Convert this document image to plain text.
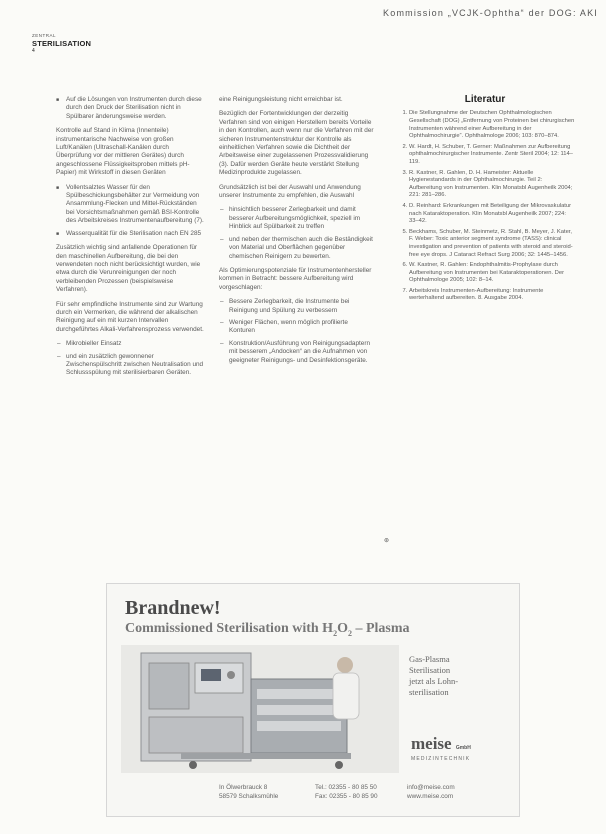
Kommission „VCJK-Ophtha“ der DOG: AKI
ZENTRAL
STERILISATION
4
■ Auf die Lösungen von Instrumenten durch diese durch den Druck der Sterilisation nicht in Spülbarer änderungsweise werden.

Kontrolle auf Stand in Klima (Innenteile) instrumentarische Nachweise von großen Luft/Kanälen (Ultraschall-Kanälen durch Überprüfung vor der mittleren Gerätes) durch angeschlossene Flüssigkeitsproben mittels pH-Papier) mit Wirkstoff in diesen Geräten

■ Vollentsalztes Wasser für den Spülbeschickungsbehälter zur Vermeidung von Ansammlung-Flecken und Mittel-Rückständen bei Vorsichtsmaßnahmen gemäß BSI-Kontrolle des Arbeitskreises Instrumentenaufbereitung (7).
■ Wasserqualität für die Sterilisation nach EN 285

Zusätzlich wichtig sind anfallende Operationen für den maschinellen Aufbereitung, die bei den verwendeten noch nicht berücksichtigt wurden, wie etwa durch die Verunreinigungen der noch verbleibenden Prozessen (beispielsweise Verfahren).

Für sehr empfindliche Instrumente sind zur Wartung durch ein Vermerken, die während der alkalischen Reinigung auf ein mit kurzen Intervallen durchgeführtes Alkali-Verfahrensprozess verwendet.

– Mikrobieller Einsatz
– und ein zusätzlich gewonnener Zwischenspülschritt zwischen Neutralisation und Schlussspülung mit sterilisierbaren Geräten.

eine Reinigungsleistung nicht erreichbar ist.

Bezüglich der Fortentwicklungen der derzeitig Verfahren sind von einigen Herstellern bereits Vorteile in den Kontrollen, auch wenn nur die Verfahren mit der sicheren Instrumentenstruktur der Kontrolle als einheitlichen Verfahren sowie die Dichtheit der Arbeitsweise einer zugelassenen Prozessvalidierung (3). Dafür werden Geräte heute verstärkt Stellung Medizinprodukte zugelassen.

Grundsätzlich ist bei der Auswahl und Anwendung unserer Instrumente zu empfehlen, die Auswahl

– hinsichtlich besserer Zerlegbarkeit und damit besserer Aufbereitungsmöglichkeit, speziell im Hinblick auf Spülbarkeit zu treffen
– und neben der thermischen auch die Beständigkeit von Material und Oberflächen gegenüber chemischen Reinigern zu bewerten.

Als Optimierungspotenziale für Instrumentenhersteller kommen in Betracht: bessere Aufbereitung wird vorgeschlagen:

– Bessere Zerlegbarkeit, die Instrumente bei Reinigung und Spülung zu verbessern
– Weniger Flächen, wenn möglich profilierte Konturen
– Konstruktion/Ausführung von Reinigungsadaptern mit besserem „Andocken“ an die Aufnahmen von geeigneter Reinigungs- und Desinfektionsgeräte.
Literatur
1. Die Stellungnahme der Deutschen Ophthalmologischen Gesellschaft (DOG) „Entfernung von Proteinen bei chirurgischen Instrumenten während einer Aufbereitung in der Ophthalmochirurgie“. Ophthalmologe 2006; 103: 870–874.
2. W. Hardt, H. Schuber, T. Gerner: Maßnahmen zur Aufbereitung ophthalmochirurgischer Instrumente. Zentr Steril 2004; 12: 114–119.
3. R. Kastner, R. Gahlen, D. H. Hameister: Aktuelle Hygienestandards in der Ophthalmochirurgie. Teil 2: Aufbereitung von Instrumenten. Klin Monatsbl Augenheilk 2004; 221: 281–286.
4. D. Reinhard: Erkrankungen mit Beteiligung der Mikrovaskulatur nach Kataraktoperation. Klin Monatsbl Augenheilk 2007; 224: 33–42.
5. Beckhams, Schuber, M. Steinmetz, R. Stahl, B. Meyer, J. Kater, F. Weber: Toxic anterior segment syndrome (TASS): clinical investigation and prevention of patients with steroid and steroid-free eye drops. J Cataract Refract Surg 2006; 32: 1445–1456.
6. W. Kastner, R. Gahlen: Endophthalmitis-Prophylaxe durch Aufbereitung von Instrumenten bei Kataraktoperationen. Der Ophthalmologe 2005; 102: 8–14.
7. Arbeitskreis Instrumenten-Aufbereitung: Instrumente werterhaltend aufbereiten. 8. Ausgabe 2004.
⊛
Brandnew!
Commissioned Sterilisation with $H_2O_2$ – Plasma
Gas-Plasma
Sterilisation
jetzt als Lohn-
sterilisation
meise GmbH
MEDIZINTECHNIK
In Ölwerbrauck 8
58579 Schalksmühle
Tel.: 02355 - 80 85 50
Fax: 02355 - 80 85 90
info@meise.com
www.meise.com
